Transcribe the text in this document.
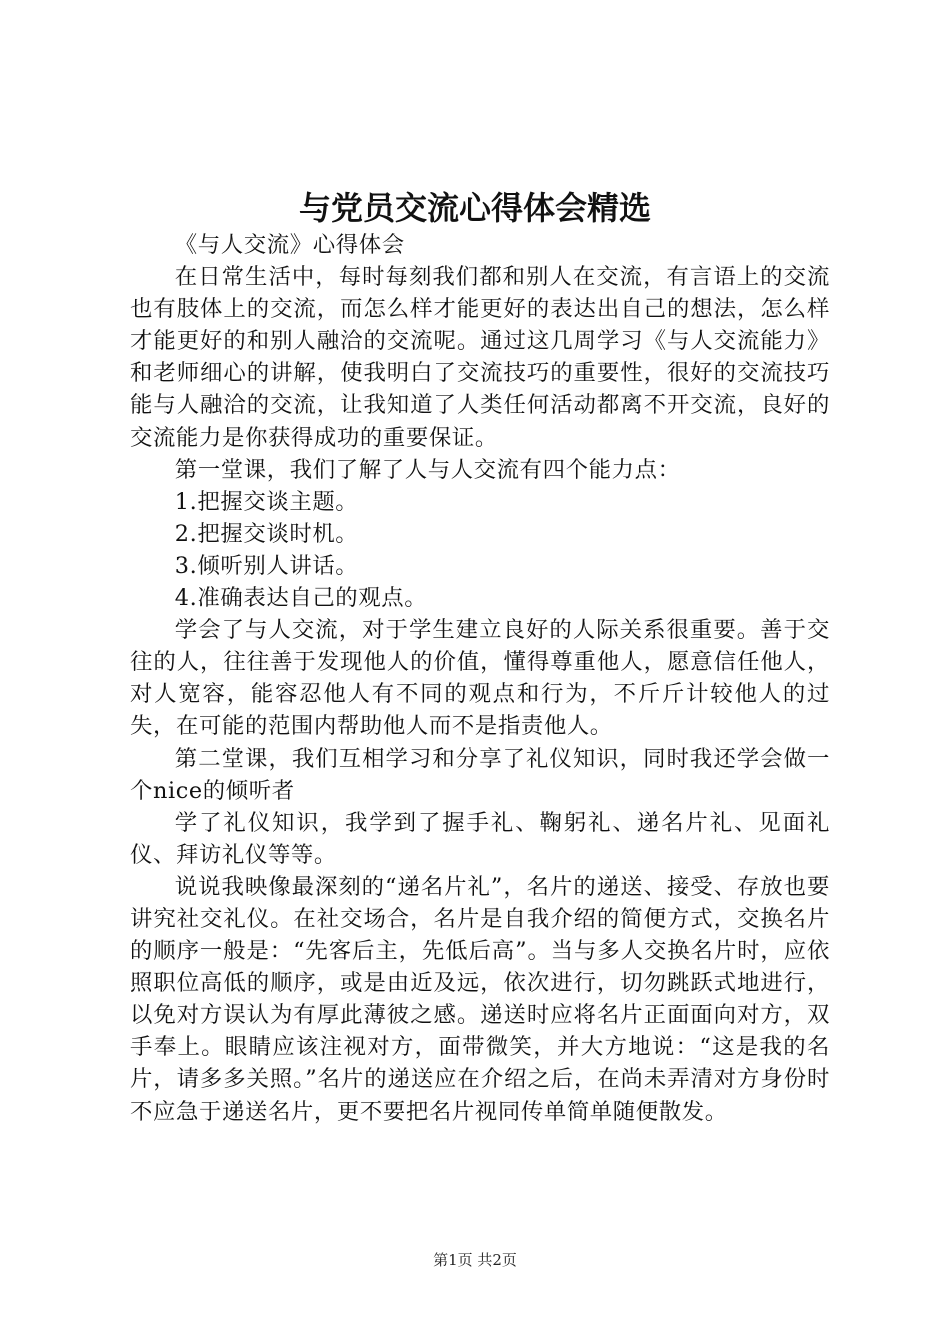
与党员交流心得体会精选

《与人交流》心得体会

在日常生活中，每时每刻我们都和别人在交流，有言语上的交流也有肢体上的交流，而怎么样才能更好的表达出自己的想法，怎么样才能更好的和别人融洽的交流呢。通过这几周学习《与人交流能力》和老师细心的讲解，使我明白了交流技巧的重要性，很好的交流技巧能与人融洽的交流，让我知道了人类任何活动都离不开交流，良好的交流能力是你获得成功的重要保证。

第一堂课，我们了解了人与人交流有四个能力点：

1.把握交谈主题。

2.把握交谈时机。

3.倾听别人讲话。

4.准确表达自己的观点。

学会了与人交流，对于学生建立良好的人际关系很重要。善于交往的人，往往善于发现他人的价值，懂得尊重他人，愿意信任他人，对人宽容，能容忍他人有不同的观点和行为，不斤斤计较他人的过失，在可能的范围内帮助他人而不是指责他人。

第二堂课，我们互相学习和分享了礼仪知识，同时我还学会做一个nice的倾听者

学了礼仪知识，我学到了握手礼、鞠躬礼、递名片礼、见面礼仪、拜访礼仪等等。

说说我映像最深刻的“递名片礼”，名片的递送、接受、存放也要讲究社交礼仪。在社交场合，名片是自我介绍的简便方式，交换名片的顺序一般是：“先客后主，先低后高”。当与多人交换名片时，应依照职位高低的顺序，或是由近及远，依次进行，切勿跳跃式地进行，以免对方误认为有厚此薄彼之感。递送时应将名片正面面向对方，双手奉上。眼睛应该注视对方，面带微笑，并大方地说：“这是我的名片，请多多关照。”名片的递送应在介绍之后，在尚未弄清对方身份时不应急于递送名片，更不要把名片视同传单简单随便散发。

第1页 共2页
